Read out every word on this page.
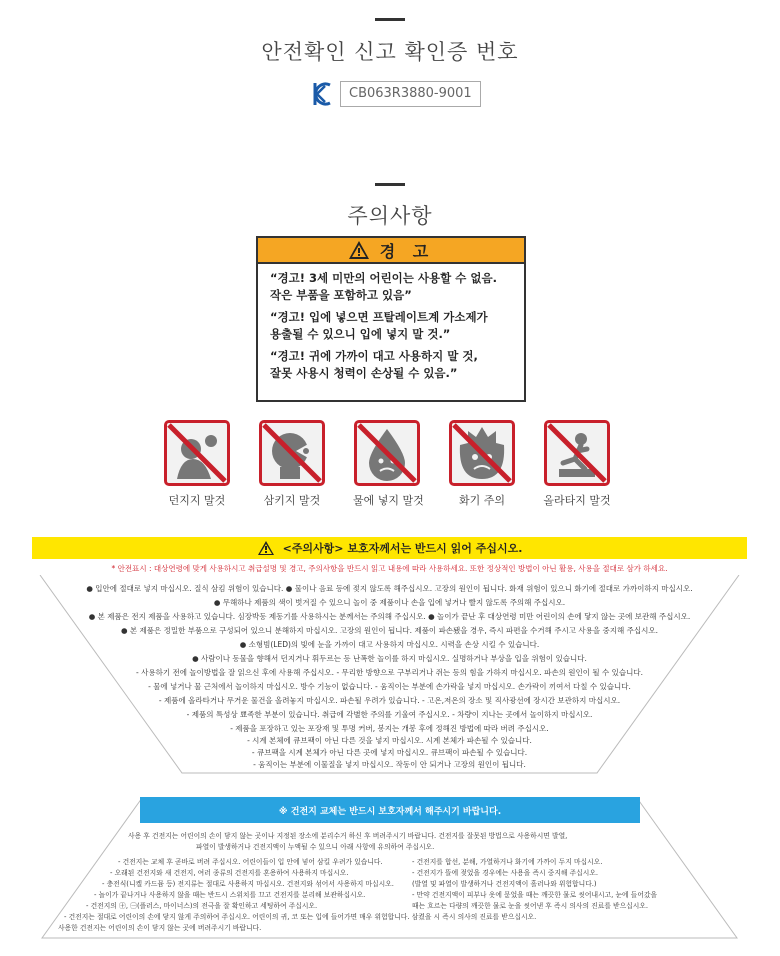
안전확인 신고 확인증 번호
CB063R3880-9001
주의사항
경 고

“경고! 3세 미만의 어린이는 사용할 수 없음.
작은 부품을 포함하고 있음”

“경고! 입에 넣으면 프탈레이트계 가소제가
용출될 수 있으니 입에 넣지 말 것.”

“경고! 귀에 가까이 대고 사용하지 말 것,
잘못 사용시 청력이 손상될 수 있음.”

던지지 말것	삼키지 말것	물에 넣지 말것	화기 주의	올라타지 말것
<주의사항> 보호자께서는 반드시 읽어 주십시오.
* 안전표시 : 대상연령에 맞게 사용하시고 취급설명 및 경고, 주의사항을 반드시 읽고 내용에 따라 사용하세요. 또한 정상적인 방법이 아닌 활용, 사용을 절대로 삼가 하세요.
● 입안에 절대로 넣지 마십시오. 질식 삼킴 위험이 있습니다. ● 물이나 음료 등에 젖지 않도록 해주십시오. 고장의 원인이 됩니다. 화재 위험이 있으니 화기에 절대로 가까이하지 마십시오.
● 무해하나 제품의 색이 벗겨질 수 있으니 놀이 중 제품이나 손을 입에 넣거나 빨지 않도록 주의해 주십시오.
● 본 제품은 전지 제품을 사용하고 있습니다. 심장박동 제동기를 사용하시는 분께서는 주의해 주십시오. ● 놀이가 끝난 후 대상연령 미만 어린이의 손에 닿지 않는 곳에 보관해 주십시오.
● 본 제품은 정밀한 부품으로 구성되어 있으니 분해하지 마십시오. 고장의 원인이 됩니다. 제품이 파손됐을 경우, 즉시 파편을 수거해 주시고 사용을 중지해 주십시오.
● 소형빔(LED)의 빛에 눈을 가까이 대고 사용하지 마십시오. 시력을 손상 시킬 수 있습니다.
● 사람이나 동물을 향해서 던지거나 휘두르는 등 난폭한 놀이를 하지 마십시오. 실명하거나 부상을 입을 위험이 있습니다.
- 사용하기 전에 놀이방법을 잘 읽으신 후에 사용해 주십시오. - 무리한 방향으로 구부리거나 쥐는 등의 힘을 가하지 마십시오. 파손의 원인이 될 수 있습니다.
- 물에 넣거나 물 근처에서 놀이하지 마십시오. 방수 기능이 없습니다. - 움직이는 부분에 손가락을 넣지 마십시오. 손가락이 끼여서 다칠 수 있습니다.
- 제품에 올라타거나 무거운 물건을 올려놓지 마십시오. 파손될 우려가 있습니다. - 고온,저온의 장소 및 직사광선에 장시간 보관하지 마십시오.
- 제품의 특성상 뾰족한 부분이 있습니다. 취급에 각별한 주의를 기울여 주십시오. - 차량이 지나는 곳에서 놀이하지 마십시오.
- 제품을 포장하고 있는 포장재 및 투명 커버, 봉지는 개봉 후에 정해진 방법에 따라 버려 주십시오.
- 시계 본체에 큐브팩이 아닌 다른 것을 넣지 마십시오. 시계 본체가 파손될 수 있습니다.
- 큐브팩을 시계 본체가 아닌 다른 곳에 넣지 마십시오. 큐브팩이 파손될 수 있습니다.
- 움직이는 부분에 이물질을 넣지 마십시오. 작동이 안 되거나 고장의 원인이 됩니다.
※ 건전지 교체는 반드시 보호자께서 해주시기 바랍니다.
사용 후 건전지는 어린이의 손이 닿지 않는 곳이나 지정된 장소에 분리수거 하신 후 버려주시기 바랍니다. 건전지를 잘못된 방법으로 사용하시면 발열,
파열이 발생하거나 건전지액이 누액될 수 있으니 아래 사항에 유의하여 주십시오.
- 건전지는 교체 후 곧바로 버려 주십시오. 어린이들이 입 안에 넣어 삼킬 우려가 있습니다.
- 오래된 건전지와 새 건전지, 여러 종류의 건전지를 혼용하여 사용하지 마십시오.
- 충전식(니켈 카드뮴 등) 전지류는 절대로 사용하지 마십시오. 건전지와 섞어서 사용하지 마십시오.
- 놀이가 끝나거나 사용하지 않을 때는 반드시 스위치를 끄고 건전지를 분리해 보관하십시오.
- 건전지의 ㊉, ㊀(플러스, 마이너스)의 전극을 잘 확인하고 세팅하여 주십시오.
- 건전지는 절대로 어린이의 손에 닿지 않게 주의하여 주십시오. 어린이의 귀, 코 또는 입에 들어가면 매우 위험합니다. 삼켰을 시 즉시 의사의 진료를 받으십시오.
사용한 건전지는 어린이의 손이 닿지 않는 곳에 버려주시기 바랍니다.
- 건전지를 합선, 분해, 가열하거나 화기에 가까이 두지 마십시오.
- 건전지가 뜰에 젖었을 경우에는 사용을 즉시 중지해 주십시오.
(발열 및 파열이 발생하거나 건전지액이 흘러나와 위험합니다.)
- 만약 건전지액이 피부나 옷에 묻었을 때는 깨끗한 물로 씻어내시고, 눈에 들어갔을
때는 흐르는 다량의 깨끗한 물로 눈을 씻어낸 후 즉시 의사의 진료를 받으십시오.
